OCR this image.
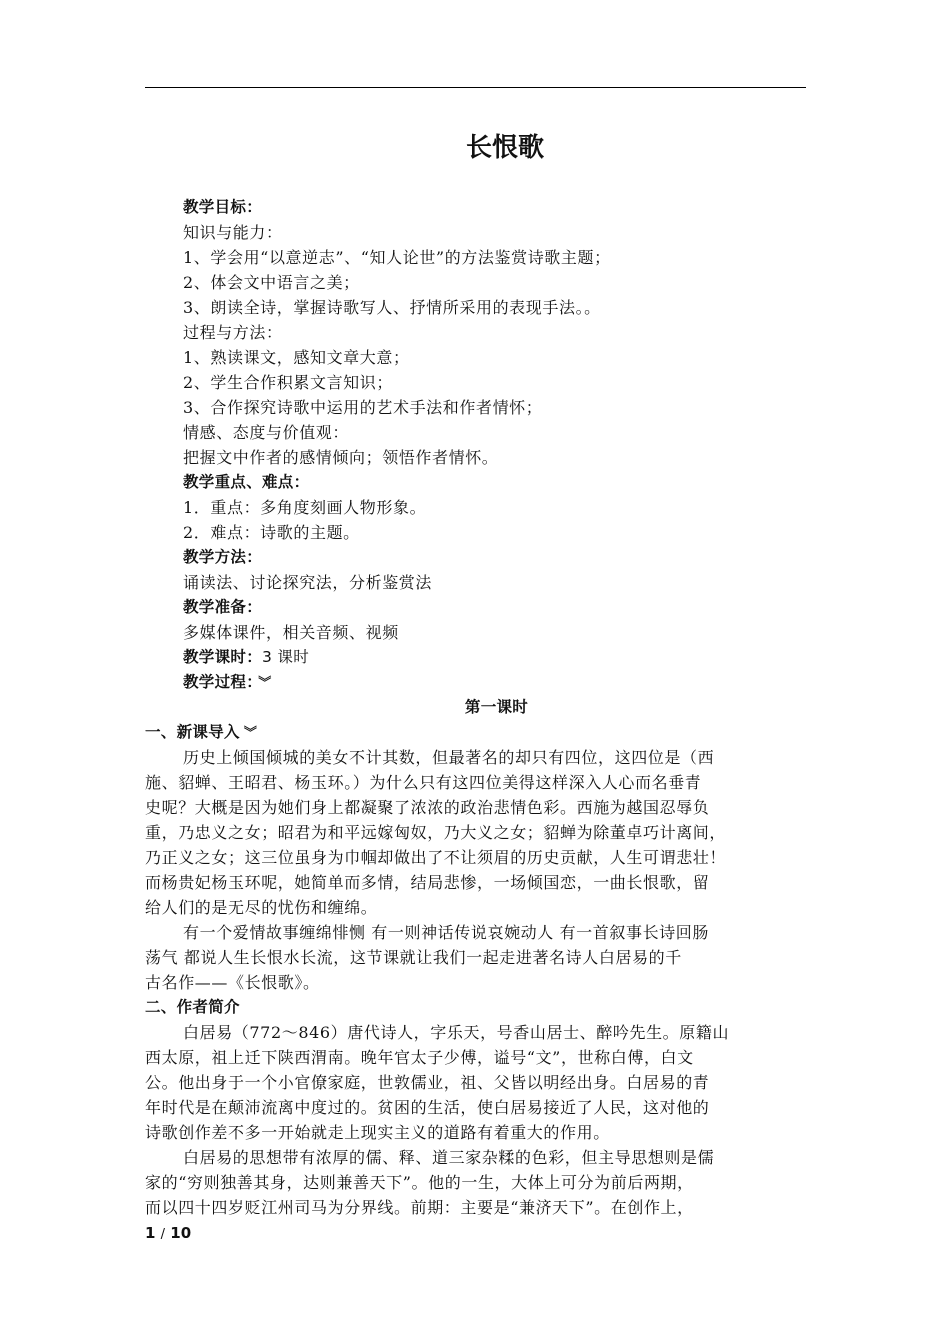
长恨歌
教学目标：
知识与能力：
1、学会用“以意逆志”、“知人论世”的方法鉴赏诗歌主题；
2、体会文中语言之美；
3、朗读全诗，掌握诗歌写人、抒情所采用的表现手法。。
过程与方法：
1、熟读课文，感知文章大意；
2、学生合作积累文言知识；
3、合作探究诗歌中运用的艺术手法和作者情怀；
情感、态度与价值观：
把握文中作者的感情倾向；领悟作者情怀。
教学重点、难点：
1．重点：多角度刻画人物形象。
2．难点：诗歌的主题。
教学方法：
诵读法、讨论探究法，分析鉴赏法
教学准备：
多媒体课件，相关音频、视频
教学课时：3 课时
教学过程： ︾
第一课时
一、新课导入 ︾
历史上倾国倾城的美女不计其数，但最著名的却只有四位，这四位是（西
施、貂蝉、王昭君、杨玉环。）为什么只有这四位美得这样深入人心而名垂青
史呢？大概是因为她们身上都凝聚了浓浓的政治悲情色彩。西施为越国忍辱负
重，乃忠义之女；昭君为和平远嫁匈奴，乃大义之女；貂蝉为除董卓巧计离间，
乃正义之女；这三位虽身为巾帼却做出了不让须眉的历史贡献，人生可谓悲壮！
而杨贵妃杨玉环呢，她简单而多情，结局悲惨，一场倾国恋，一曲长恨歌，留
给人们的是无尽的忧伤和缠绵。
有一个爱情故事缠绵悱恻 有一则神话传说哀婉动人 有一首叙事长诗回肠
荡气 都说人生长恨水长流，这节课就让我们一起走进著名诗人白居易的千
古名作——《长恨歌》。
二、作者简介
白居易（772～846）唐代诗人，字乐天，号香山居士、醉吟先生。原籍山
西太原，祖上迁下陕西渭南。晚年官太子少傅，谥号“文”，世称白傅，白文
公。他出身于一个小官僚家庭，世敦儒业，祖、父皆以明经出身。白居易的青
年时代是在颠沛流离中度过的。贫困的生活，使白居易接近了人民，这对他的
诗歌创作差不多一开始就走上现实主义的道路有着重大的作用。
白居易的思想带有浓厚的儒、释、道三家杂糅的色彩，但主导思想则是儒
家的“穷则独善其身，达则兼善天下”。他的一生，大体上可分为前后两期，
而以四十四岁贬江州司马为分界线。前期：主要是“兼济天下”。在创作上，
1 / 10
